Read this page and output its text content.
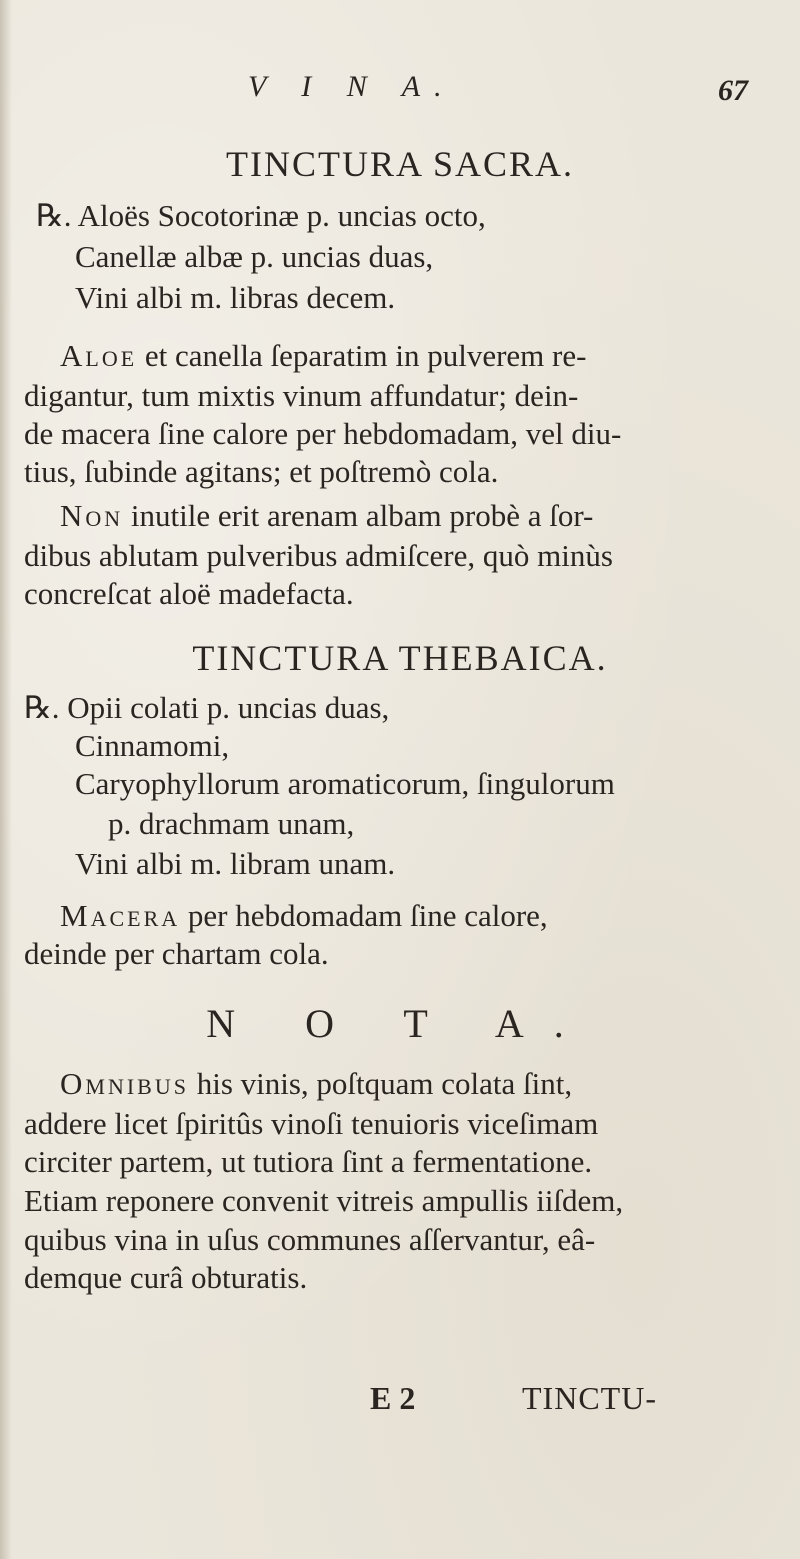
V I N A.	67
TINCTURA SACRA.
℞. Aloës Socotorinæ p. uncias octo,
Canellæ albæ p. uncias duas,
Vini albi m. libras decem.
Aloe et canella ſeparatim in pulverem re-
digantur, tum mixtis vinum affundatur; dein-
de macera ſine calore per hebdomadam, vel diu-
tius, ſubinde agitans; et poſtremò cola.
Non inutile erit arenam albam probè a ſor-
dibus ablutam pulveribus admiſcere, quò minùs
concreſcat aloë madefacta.
TINCTURA THEBAICA.
℞. Opii colati p. uncias duas,
Cinnamomi,
Caryophyllorum aromaticorum, ſingulorum
p. drachmam unam,
Vini albi m. libram unam.
Macera per hebdomadam ſine calore,
deinde per chartam cola.
N O T A.
Omnibus his vinis, poſtquam colata ſint,
addere licet ſpiritûs vinoſi tenuioris viceſimam
circiter partem, ut tutiora ſint a fermentatione.
Etiam reponere convenit vitreis ampullis iiſdem,
quibus vina in uſus communes aſſervantur, eâ-
demque curâ obturatis.
E 2	TINCTU-
